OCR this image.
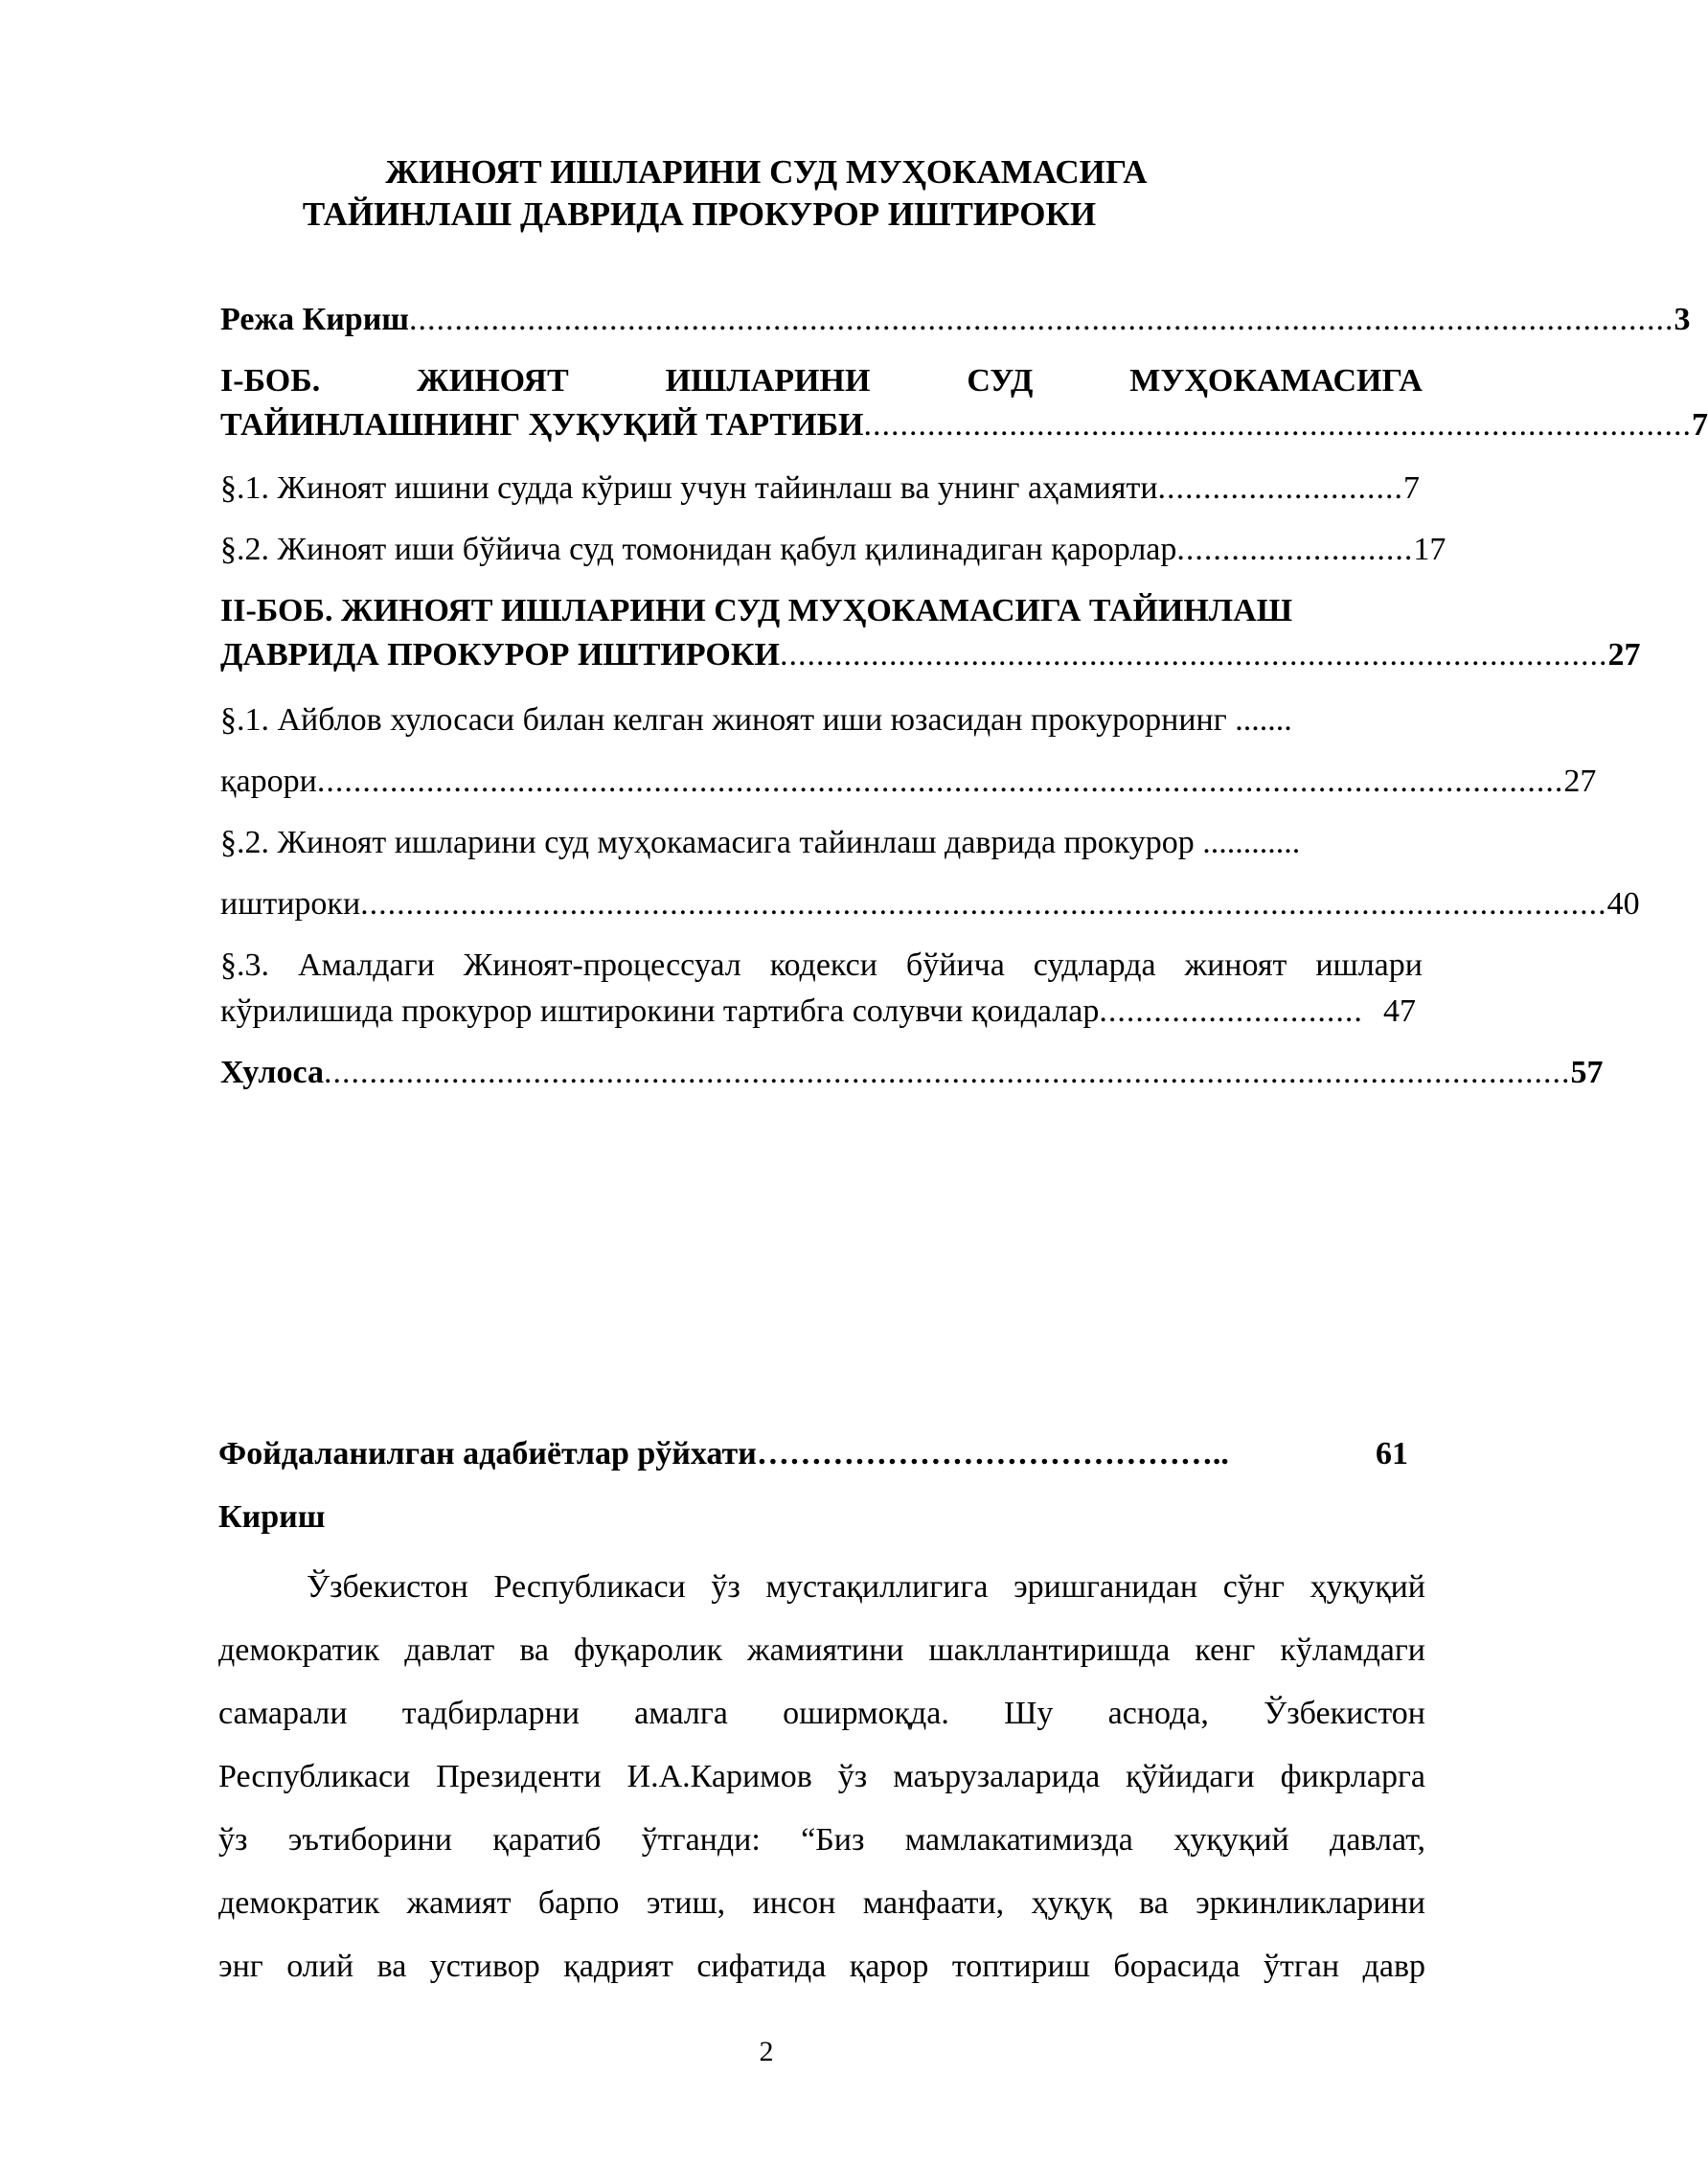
ЖИНОЯТ ИШЛАРИНИ СУД МУҲОКАМАСИГА
ТАЙИНЛАШ ДАВРИДА ПРОКУРОР ИШТИРОКИ
Режа Кириш ........................................................................................................................................... 3
I-БОБ.	ЖИНОЯТ	ИШЛАРИНИ	СУД	МУҲОКАМАСИГА
ТАЙИНЛАШНИНГ ҲУҚУҚИЙ ТАРТИБИ ........................................................................................... 7
§.1. Жиноят ишини судда кўриш учун тайинлаш ва унинг аҳамияти ........................... 7
§.2. Жиноят иши бўйича суд томонидан қабул қилинадиган қарорлар .......................... 17
II-БОБ. ЖИНОЯТ ИШЛАРИНИ СУД МУҲОКАМАСИГА ТАЙИНЛАШ
ДАВРИДА ПРОКУРОР ИШТИРОКИ ........................................................................................... 27
§.1. Айблов хулосаси билан келган жиноят иши юзасидан прокурорнинг .......
қарори ......................................................................................................................................... 27
§.2. Жиноят ишларини суд муҳокамасига тайинлаш даврида прокурор ............
иштироки ......................................................................................................................................... 40
§.3. Амалдаги Жиноят-процессуал кодекси бўйича судларда жиноят ишлари
кўрилишида прокурор иштирокини тартибга солувчи қоидалар ............................. 47
Хулоса ......................................................................................................................................... 57
Фойдаланилган адабиётлар рўйхати ……………………………………..	61
Кириш
Ўзбекистон Республикаси ўз мустақиллигига эришганидан сўнг ҳуқуқий
демократик давлат ва фуқаролик жамиятини шакллантиришда кенг кўламдаги
самарали тадбирларни амалга оширмоқда. Шу аснода, Ўзбекистон
Республикаси Президенти И.А.Каримов ўз маърузаларида қўйидаги фикрларга
ўз эътиборини қаратиб ўтганди: “Биз мамлакатимизда ҳуқуқий давлат,
демократик жамият барпо этиш, инсон манфаати, ҳуқуқ ва эркинликларини
энг олий ва устивор қадрият сифатида қарор топтириш борасида ўтган давр
2
